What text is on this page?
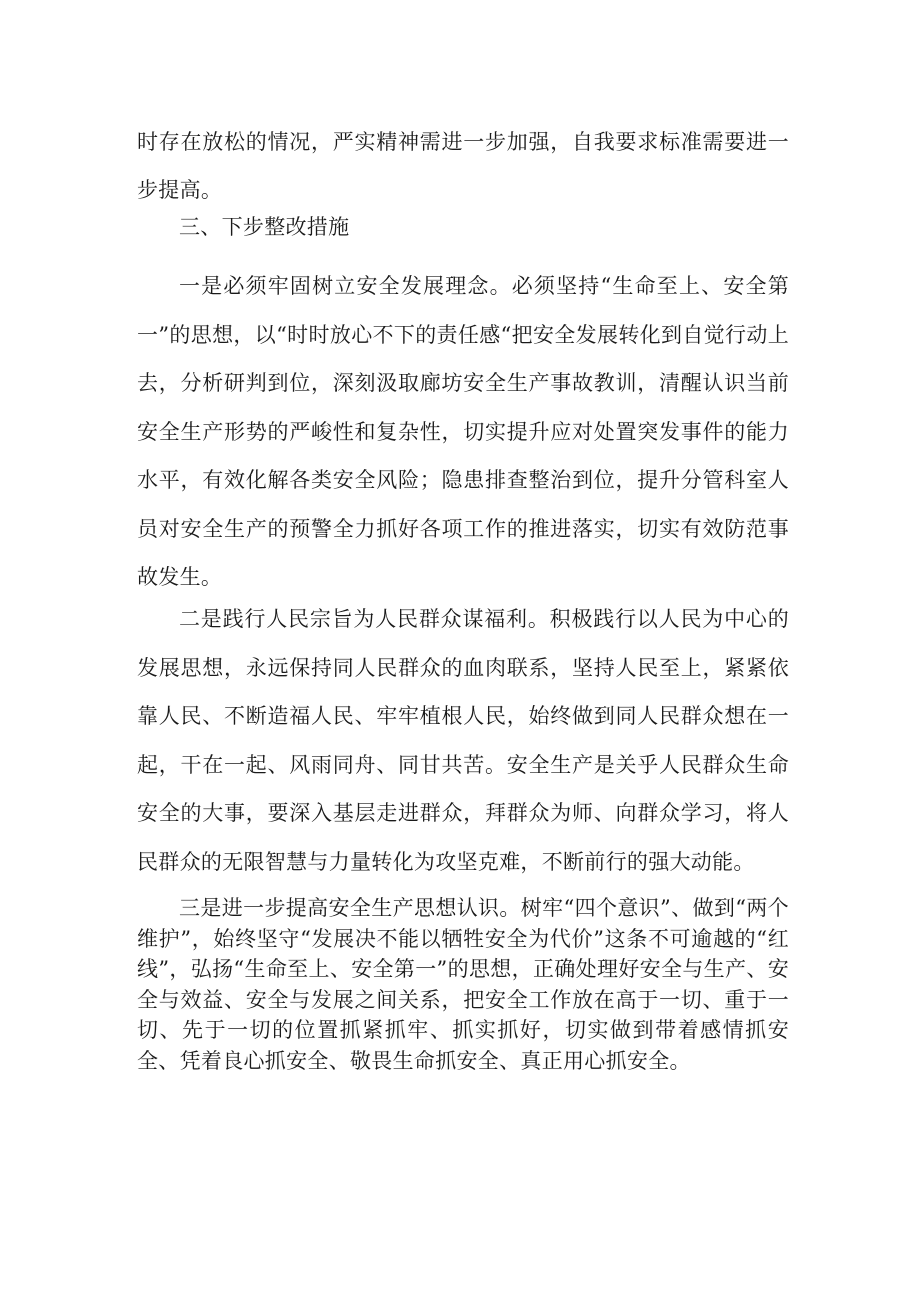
时存在放松的情况，严实精神需进一步加强，自我要求标准需要进一步提高。

三、下步整改措施

一是必须牢固树立安全发展理念。必须坚持“生命至上、安全第一”的思想，以“时时放心不下的责任感“把安全发展转化到自觉行动上去，分析研判到位，深刻汲取廊坊安全生产事故教训，清醒认识当前安全生产形势的严峻性和复杂性，切实提升应对处置突发事件的能力水平，有效化解各类安全风险；隐患排查整治到位，提升分管科室人员对安全生产的预警全力抓好各项工作的推进落实，切实有效防范事故发生。

二是践行人民宗旨为人民群众谋福利。积极践行以人民为中心的发展思想，永远保持同人民群众的血肉联系，坚持人民至上，紧紧依靠人民、不断造福人民、牢牢植根人民，始终做到同人民群众想在一起，干在一起、风雨同舟、同甘共苦。安全生产是关乎人民群众生命安全的大事，要深入基层走进群众，拜群众为师、向群众学习，将人民群众的无限智慧与力量转化为攻坚克难，不断前行的强大动能。

三是进一步提高安全生产思想认识。树牢“四个意识”、做到“两个维护”，始终坚守“发展决不能以牺牲安全为代价”这条不可逾越的“红线”，弘扬“生命至上、安全第一”的思想，正确处理好安全与生产、安全与效益、安全与发展之间关系，把安全工作放在高于一切、重于一切、先于一切的位置抓紧抓牢、抓实抓好，切实做到带着感情抓安全、凭着良心抓安全、敬畏生命抓安全、真正用心抓安全。
